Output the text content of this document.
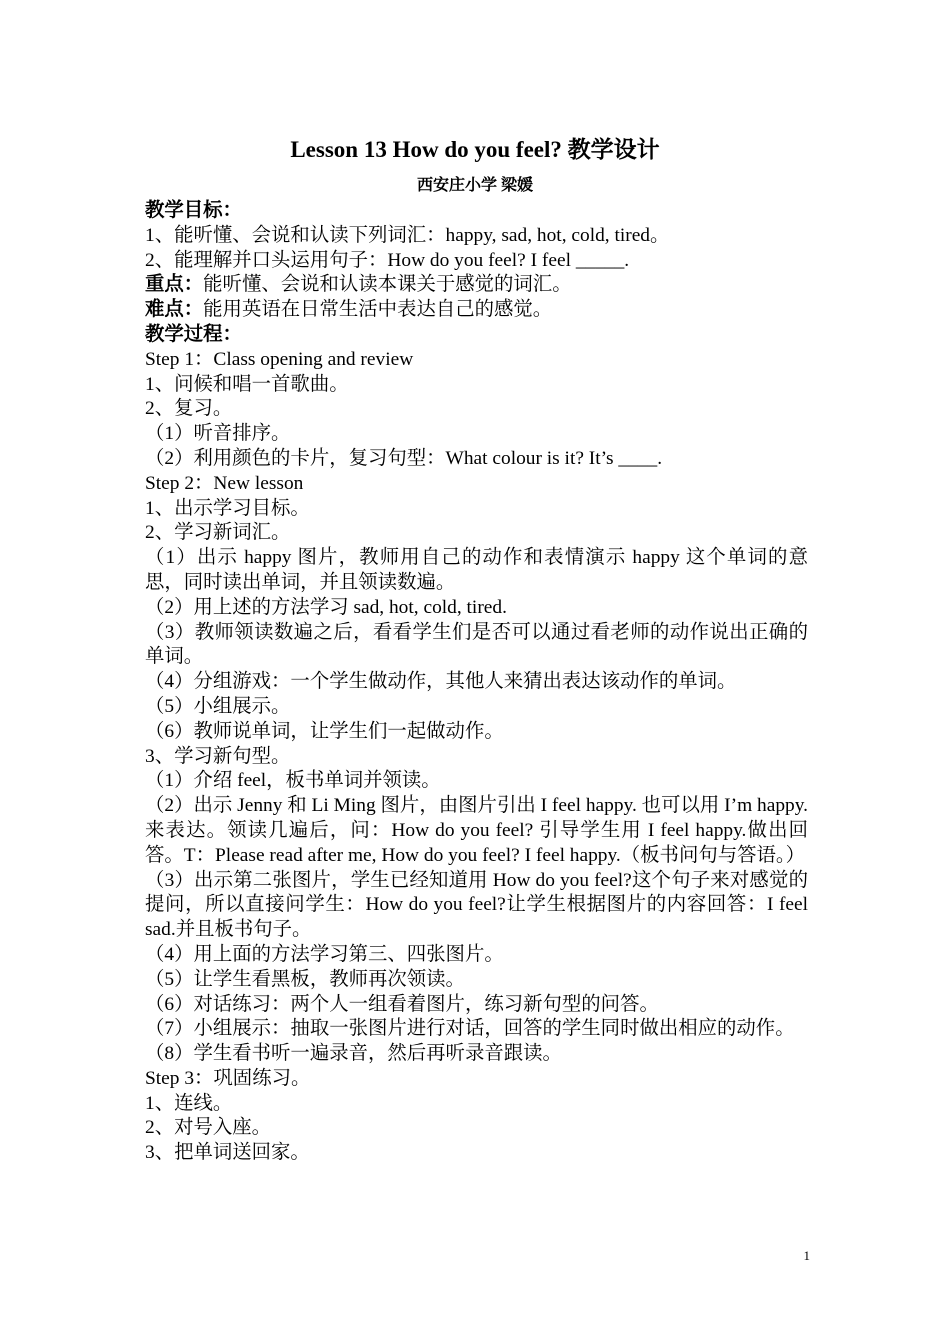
Lesson 13 How do you feel? 教学设计
西安庄小学 梁媛

教学目标：

1、能听懂、会说和认读下列词汇：happy, sad, hot, cold, tired。

2、能理解并口头运用句子：How do you feel? I feel _____.

重点：能听懂、会说和认读本课关于感觉的词汇。

难点：能用英语在日常生活中表达自己的感觉。

教学过程：

Step 1：Class opening and review

1、问候和唱一首歌曲。

2、复习。

（1）听音排序。

（2）利用颜色的卡片，复习句型：What colour is it? It’s ____.

Step 2：New lesson

1、出示学习目标。

2、学习新词汇。

（1）出示 happy 图片，教师用自己的动作和表情演示 happy 这个单词的意思，同时读出单词，并且领读数遍。

（2）用上述的方法学习 sad, hot, cold, tired.

（3）教师领读数遍之后，看看学生们是否可以通过看老师的动作说出正确的单词。

（4）分组游戏：一个学生做动作，其他人来猜出表达该动作的单词。

（5）小组展示。

（6）教师说单词，让学生们一起做动作。

3、学习新句型。

（1）介绍 feel，板书单词并领读。

（2）出示 Jenny 和 Li Ming 图片，由图片引出 I feel happy. 也可以用 I’m happy. 来表达。领读几遍后，问：How do you feel? 引导学生用 I feel happy.做出回答。T：Please read after me, How do you feel? I feel happy.（板书问句与答语。）

（3）出示第二张图片，学生已经知道用 How do you feel?这个句子来对感觉的提问，所以直接问学生：How do you feel?让学生根据图片的内容回答：I feel sad.并且板书句子。

（4）用上面的方法学习第三、四张图片。

（5）让学生看黑板，教师再次领读。

（6）对话练习：两个人一组看着图片，练习新句型的问答。

（7）小组展示：抽取一张图片进行对话，回答的学生同时做出相应的动作。

（8）学生看书听一遍录音，然后再听录音跟读。

Step 3：巩固练习。

1、连线。

2、对号入座。

3、把单词送回家。

1
